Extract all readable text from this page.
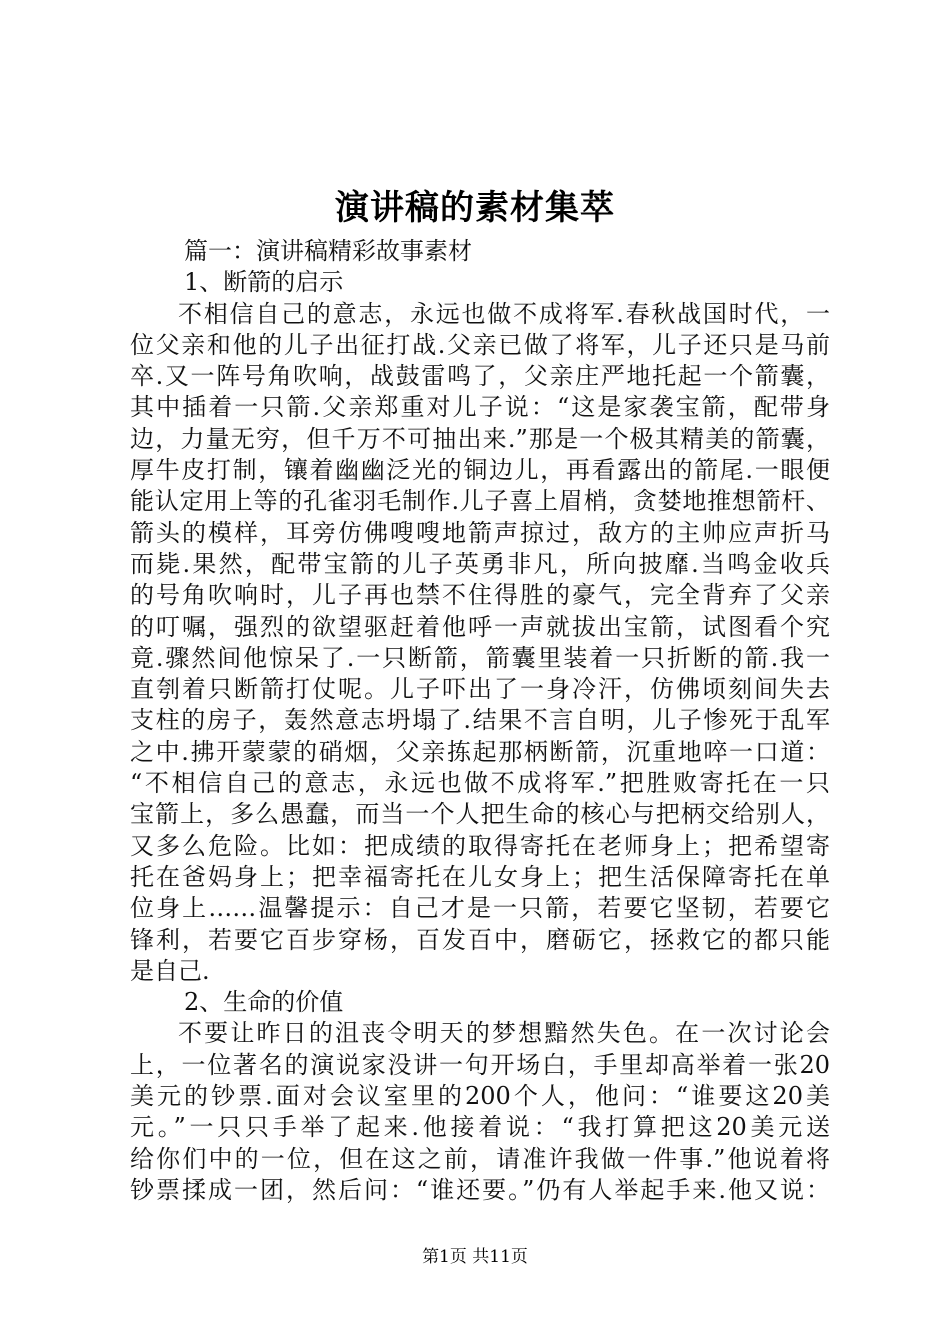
演讲稿的素材集萃
篇一：演讲稿精彩故事素材
1、断箭的启示
不相信自己的意志，永远也做不成将军.春秋战国时代，一
位父亲和他的儿子出征打战.父亲已做了将军，儿子还只是马前
卒.又一阵号角吹响，战鼓雷鸣了，父亲庄严地托起一个箭囊，
其中插着一只箭.父亲郑重对儿子说：“这是家袭宝箭，配带身
边，力量无穷，但千万不可抽出来.”那是一个极其精美的箭囊，
厚牛皮打制，镶着幽幽泛光的铜边儿，再看露出的箭尾.一眼便
能认定用上等的孔雀羽毛制作.儿子喜上眉梢，贪婪地推想箭杆、
箭头的模样，耳旁仿佛嗖嗖地箭声掠过，敌方的主帅应声折马
而毙.果然，配带宝箭的儿子英勇非凡，所向披靡.当鸣金收兵
的号角吹响时，儿子再也禁不住得胜的豪气，完全背弃了父亲
的叮嘱，强烈的欲望驱赶着他呼一声就拔出宝箭，试图看个究
竟.骤然间他惊呆了.一只断箭，箭囊里装着一只折断的箭.我一
直刳着只断箭打仗呢。儿子吓出了一身冷汗，仿佛顷刻间失去
支柱的房子，轰然意志坍塌了.结果不言自明，儿子惨死于乱军
之中.拂开蒙蒙的硝烟，父亲拣起那柄断箭，沉重地啐一口道：
“不相信自己的意志，永远也做不成将军.”把胜败寄托在一只
宝箭上，多么愚蠢，而当一个人把生命的核心与把柄交给别人，
又多么危险。比如：把成绩的取得寄托在老师身上；把希望寄
托在爸妈身上；把幸福寄托在儿女身上；把生活保障寄托在单
位身上……温馨提示：自己才是一只箭，若要它坚韧，若要它
锋利，若要它百步穿杨，百发百中，磨砺它，拯救它的都只能
是自己.
2、生命的价值
不要让昨日的沮丧令明天的梦想黯然失色。在一次讨论会
上，一位著名的演说家没讲一句开场白，手里却高举着一张20
美元的钞票.面对会议室里的200个人，他问：“谁要这20美
元。”一只只手举了起来.他接着说：“我打算把这20美元送
给你们中的一位，但在这之前，请准许我做一件事.”他说着将
钞票揉成一团，然后问：“谁还要。”仍有人举起手来.他又说：
第1页 共11页
